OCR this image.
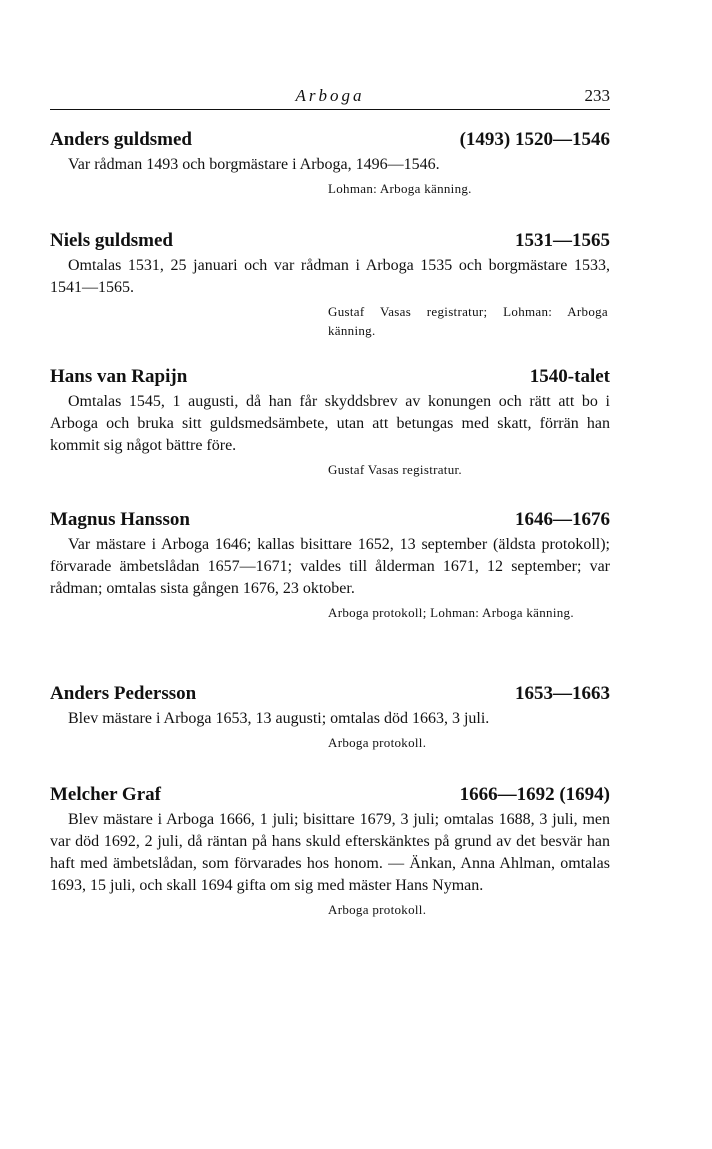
Arboga	233
Anders guldsmed	(1493) 1520—1546

Var rådman 1493 och borgmästare i Arboga, 1496—1546.

Lohman: Arboga känning.

Niels guldsmed	1531—1565

Omtalas 1531, 25 januari och var rådman i Arboga 1535 och borgmästare 1533, 1541—1565.

Gustaf Vasas registratur; Lohman: Arboga känning.

Hans van Rapijn	1540-talet

Omtalas 1545, 1 augusti, då han får skyddsbrev av konungen och rätt att bo i Arboga och bruka sitt guldsmedsämbete, utan att betungas med skatt, förrän han kommit sig något bättre före.

Gustaf Vasas registratur.

Magnus Hansson	1646—1676

Var mästare i Arboga 1646; kallas bisittare 1652, 13 september (äldsta protokoll); förvarade ämbetslådan 1657—1671; valdes till ålderman 1671, 12 september; var rådman; omtalas sista gången 1676, 23 oktober.

Arboga protokoll; Lohman: Arboga känning.

Anders Pedersson	1653—1663

Blev mästare i Arboga 1653, 13 augusti; omtalas död 1663, 3 juli.

Arboga protokoll.

Melcher Graf	1666—1692 (1694)

Blev mästare i Arboga 1666, 1 juli; bisittare 1679, 3 juli; omtalas 1688, 3 juli, men var död 1692, 2 juli, då räntan på hans skuld efterskänktes på grund av det besvär han haft med ämbetslådan, som förvarades hos honom. — Änkan, Anna Ahlman, omtalas 1693, 15 juli, och skall 1694 gifta om sig med mäster Hans Nyman.

Arboga protokoll.
